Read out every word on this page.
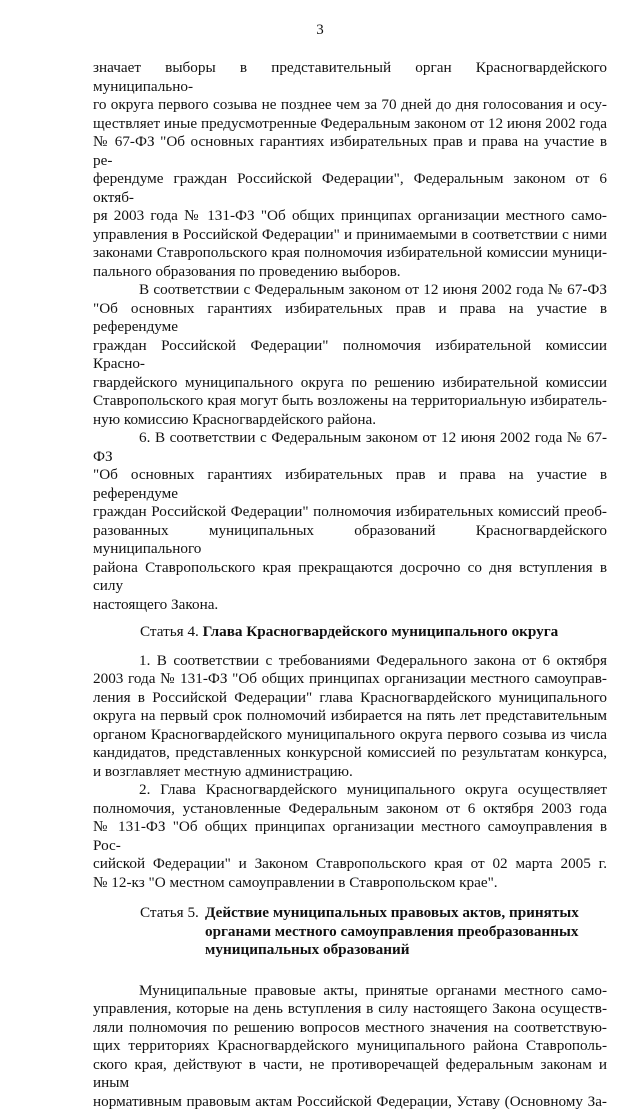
3

значает выборы в представительный орган Красногвардейского муниципально-

го округа первого созыва не позднее чем за 70 дней до дня голосования и осу-

ществляет иные предусмотренные Федеральным законом от 12 июня 2002 года

№ 67-ФЗ "Об основных гарантиях избирательных прав и права на участие в ре-

ферендуме граждан Российской Федерации", Федеральным законом от 6 октяб-

ря 2003 года № 131-ФЗ "Об общих принципах организации местного само-

управления в Российской Федерации" и принимаемыми в соответствии с ними

законами Ставропольского края полномочия избирательной комиссии муници-

пального образования по проведению выборов.

В соответствии с Федеральным законом от 12 июня 2002 года № 67-ФЗ

"Об основных гарантиях избирательных прав и права на участие в референдуме

граждан Российской Федерации" полномочия избирательной комиссии Красно-

гвардейского муниципального округа по решению избирательной комиссии

Ставропольского края могут быть возложены на территориальную избиратель-

ную комиссию Красногвардейского района.

6. В соответствии с Федеральным законом от 12 июня 2002 года № 67-ФЗ

"Об основных гарантиях избирательных прав и права на участие в референдуме

граждан Российской Федерации" полномочия избирательных комиссий преоб-

разованных муниципальных образований Красногвардейского муниципального

района Ставропольского края прекращаются досрочно со дня вступления в силу

настоящего Закона.

Статья 4. Глава Красногвардейского муниципального округа

1. В соответствии с требованиями Федерального закона от 6 октября

2003 года № 131-ФЗ "Об общих принципах организации местного самоуправ-

ления в Российской Федерации" глава Красногвардейского муниципального

округа на первый срок полномочий избирается на пять лет представительным

органом Красногвардейского муниципального округа первого созыва из числа

кандидатов, представленных конкурсной комиссией по результатам конкурса,

и возглавляет местную администрацию.

2. Глава Красногвардейского муниципального округа осуществляет

полномочия, установленные Федеральным законом от 6 октября 2003 года

№ 131-ФЗ "Об общих принципах организации местного самоуправления в Рос-

сийской Федерации" и Законом Ставропольского края от 02 марта 2005 г.

№ 12-кз "О местном самоуправлении в Ставропольском крае".

Статья 5. Действие муниципальных правовых актов, принятых
органами местного самоуправления преобразованных
муниципальных образований

Муниципальные правовые акты, принятые органами местного само-

управления, которые на день вступления в силу настоящего Закона осуществ-

ляли полномочия по решению вопросов местного значения на соответствую-

щих территориях Красногвардейского муниципального района Ставрополь-

ского края, действуют в части, не противоречащей федеральным законам и иным

нормативным правовым актам Российской Федерации, Уставу (Основному За-
